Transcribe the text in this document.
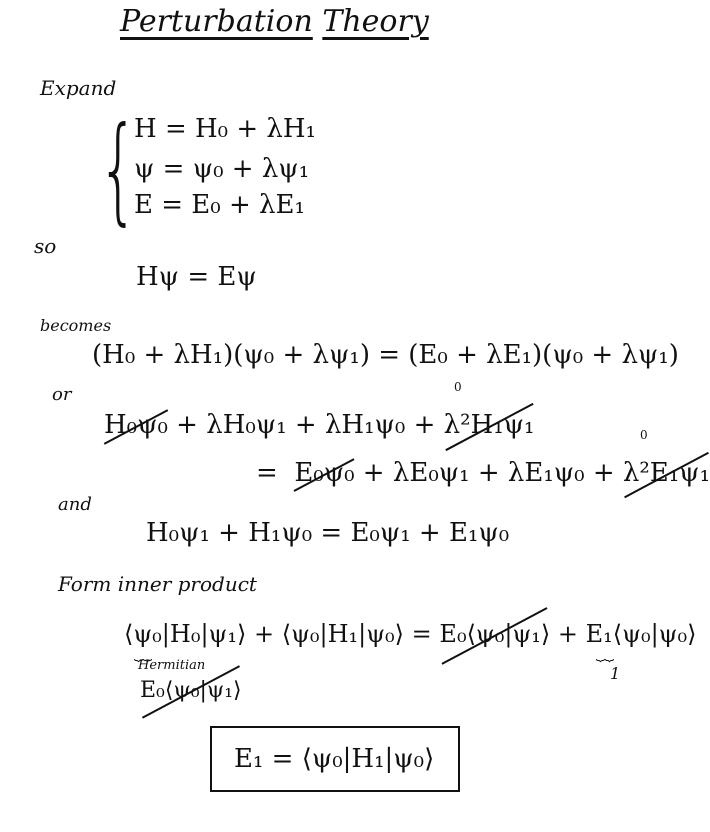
Perturbation Theory
Expand
{
H = H₀ + λH₁
ψ = ψ₀ + λψ₁
E = E₀ + λE₁
so
Hψ = Eψ
becomes
(H₀ + λH₁)(ψ₀ + λψ₁) = (E₀ + λE₁)(ψ₀ + λψ₁)
or
H₀ψ₀ + λH₀ψ₁ + λH₁ψ₀ + λ²H₁ψ₁
0
= E₀ψ₀ + λE₀ψ₁ + λE₁ψ₀ + λ²E₁ψ₁
0
and
H₀ψ₁ + H₁ψ₀ = E₀ψ₁ + E₁ψ₀
Form inner product
⟨ψ₀|H₀|ψ₁⟩ + ⟨ψ₀|H₁|ψ₀⟩ = E₀⟨ψ₀|ψ₁⟩ + E₁⟨ψ₀|ψ₀⟩
⏟⏟
Hermitian
⏟⏟
1
E₀⟨ψ₀|ψ₁⟩
E₁ = ⟨ψ₀|H₁|ψ₀⟩
